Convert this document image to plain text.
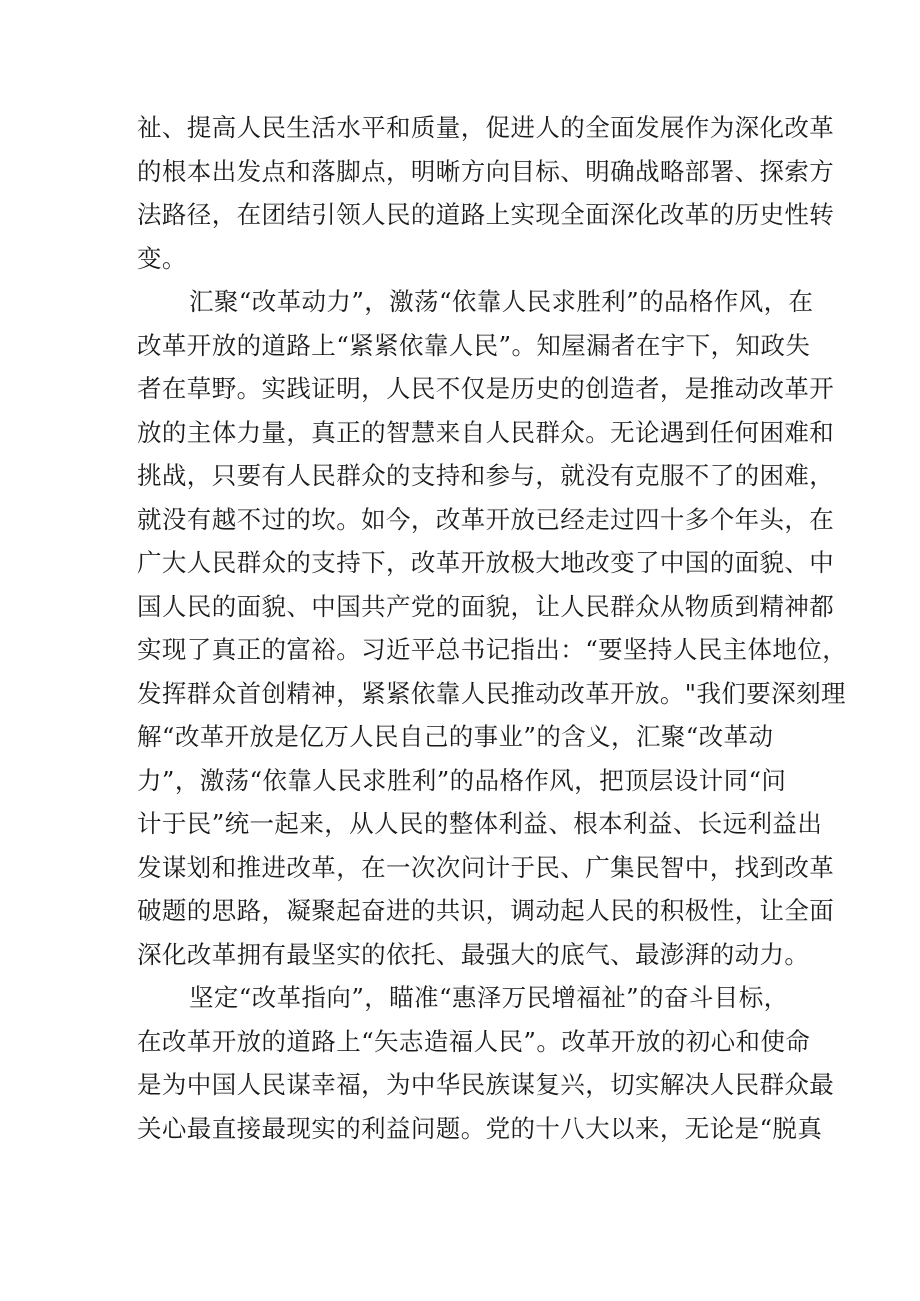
祉、提高人民生活水平和质量，促进人的全面发展作为深化改革
的根本出发点和落脚点，明晰方向目标、明确战略部署、探索方
法路径，在团结引领人民的道路上实现全面深化改革的历史性转
变。
汇聚“改革动力”，激荡“依靠人民求胜利”的品格作风，在
改革开放的道路上“紧紧依靠人民”。知屋漏者在宇下，知政失
者在草野。实践证明，人民不仅是历史的创造者，是推动改革开
放的主体力量，真正的智慧来自人民群众。无论遇到任何困难和
挑战，只要有人民群众的支持和参与，就没有克服不了的困难，
就没有越不过的坎。如今，改革开放已经走过四十多个年头，在
广大人民群众的支持下，改革开放极大地改变了中国的面貌、中
国人民的面貌、中国共产党的面貌，让人民群众从物质到精神都
实现了真正的富裕。习近平总书记指出：“要坚持人民主体地位，
发挥群众首创精神，紧紧依靠人民推动改革开放。"我们要深刻理
解“改革开放是亿万人民自己的事业”的含义，汇聚“改革动
力”，激荡“依靠人民求胜利”的品格作风，把顶层设计同“问
计于民”统一起来，从人民的整体利益、根本利益、长远利益出
发谋划和推进改革，在一次次问计于民、广集民智中，找到改革
破题的思路，凝聚起奋进的共识，调动起人民的积极性，让全面
深化改革拥有最坚实的依托、最强大的底气、最澎湃的动力。
坚定“改革指向”，瞄准“惠泽万民增福祉”的奋斗目标，
在改革开放的道路上“矢志造福人民”。改革开放的初心和使命
是为中国人民谋幸福，为中华民族谋复兴，切实解决人民群众最
关心最直接最现实的利益问题。党的十八大以来，无论是“脱真
